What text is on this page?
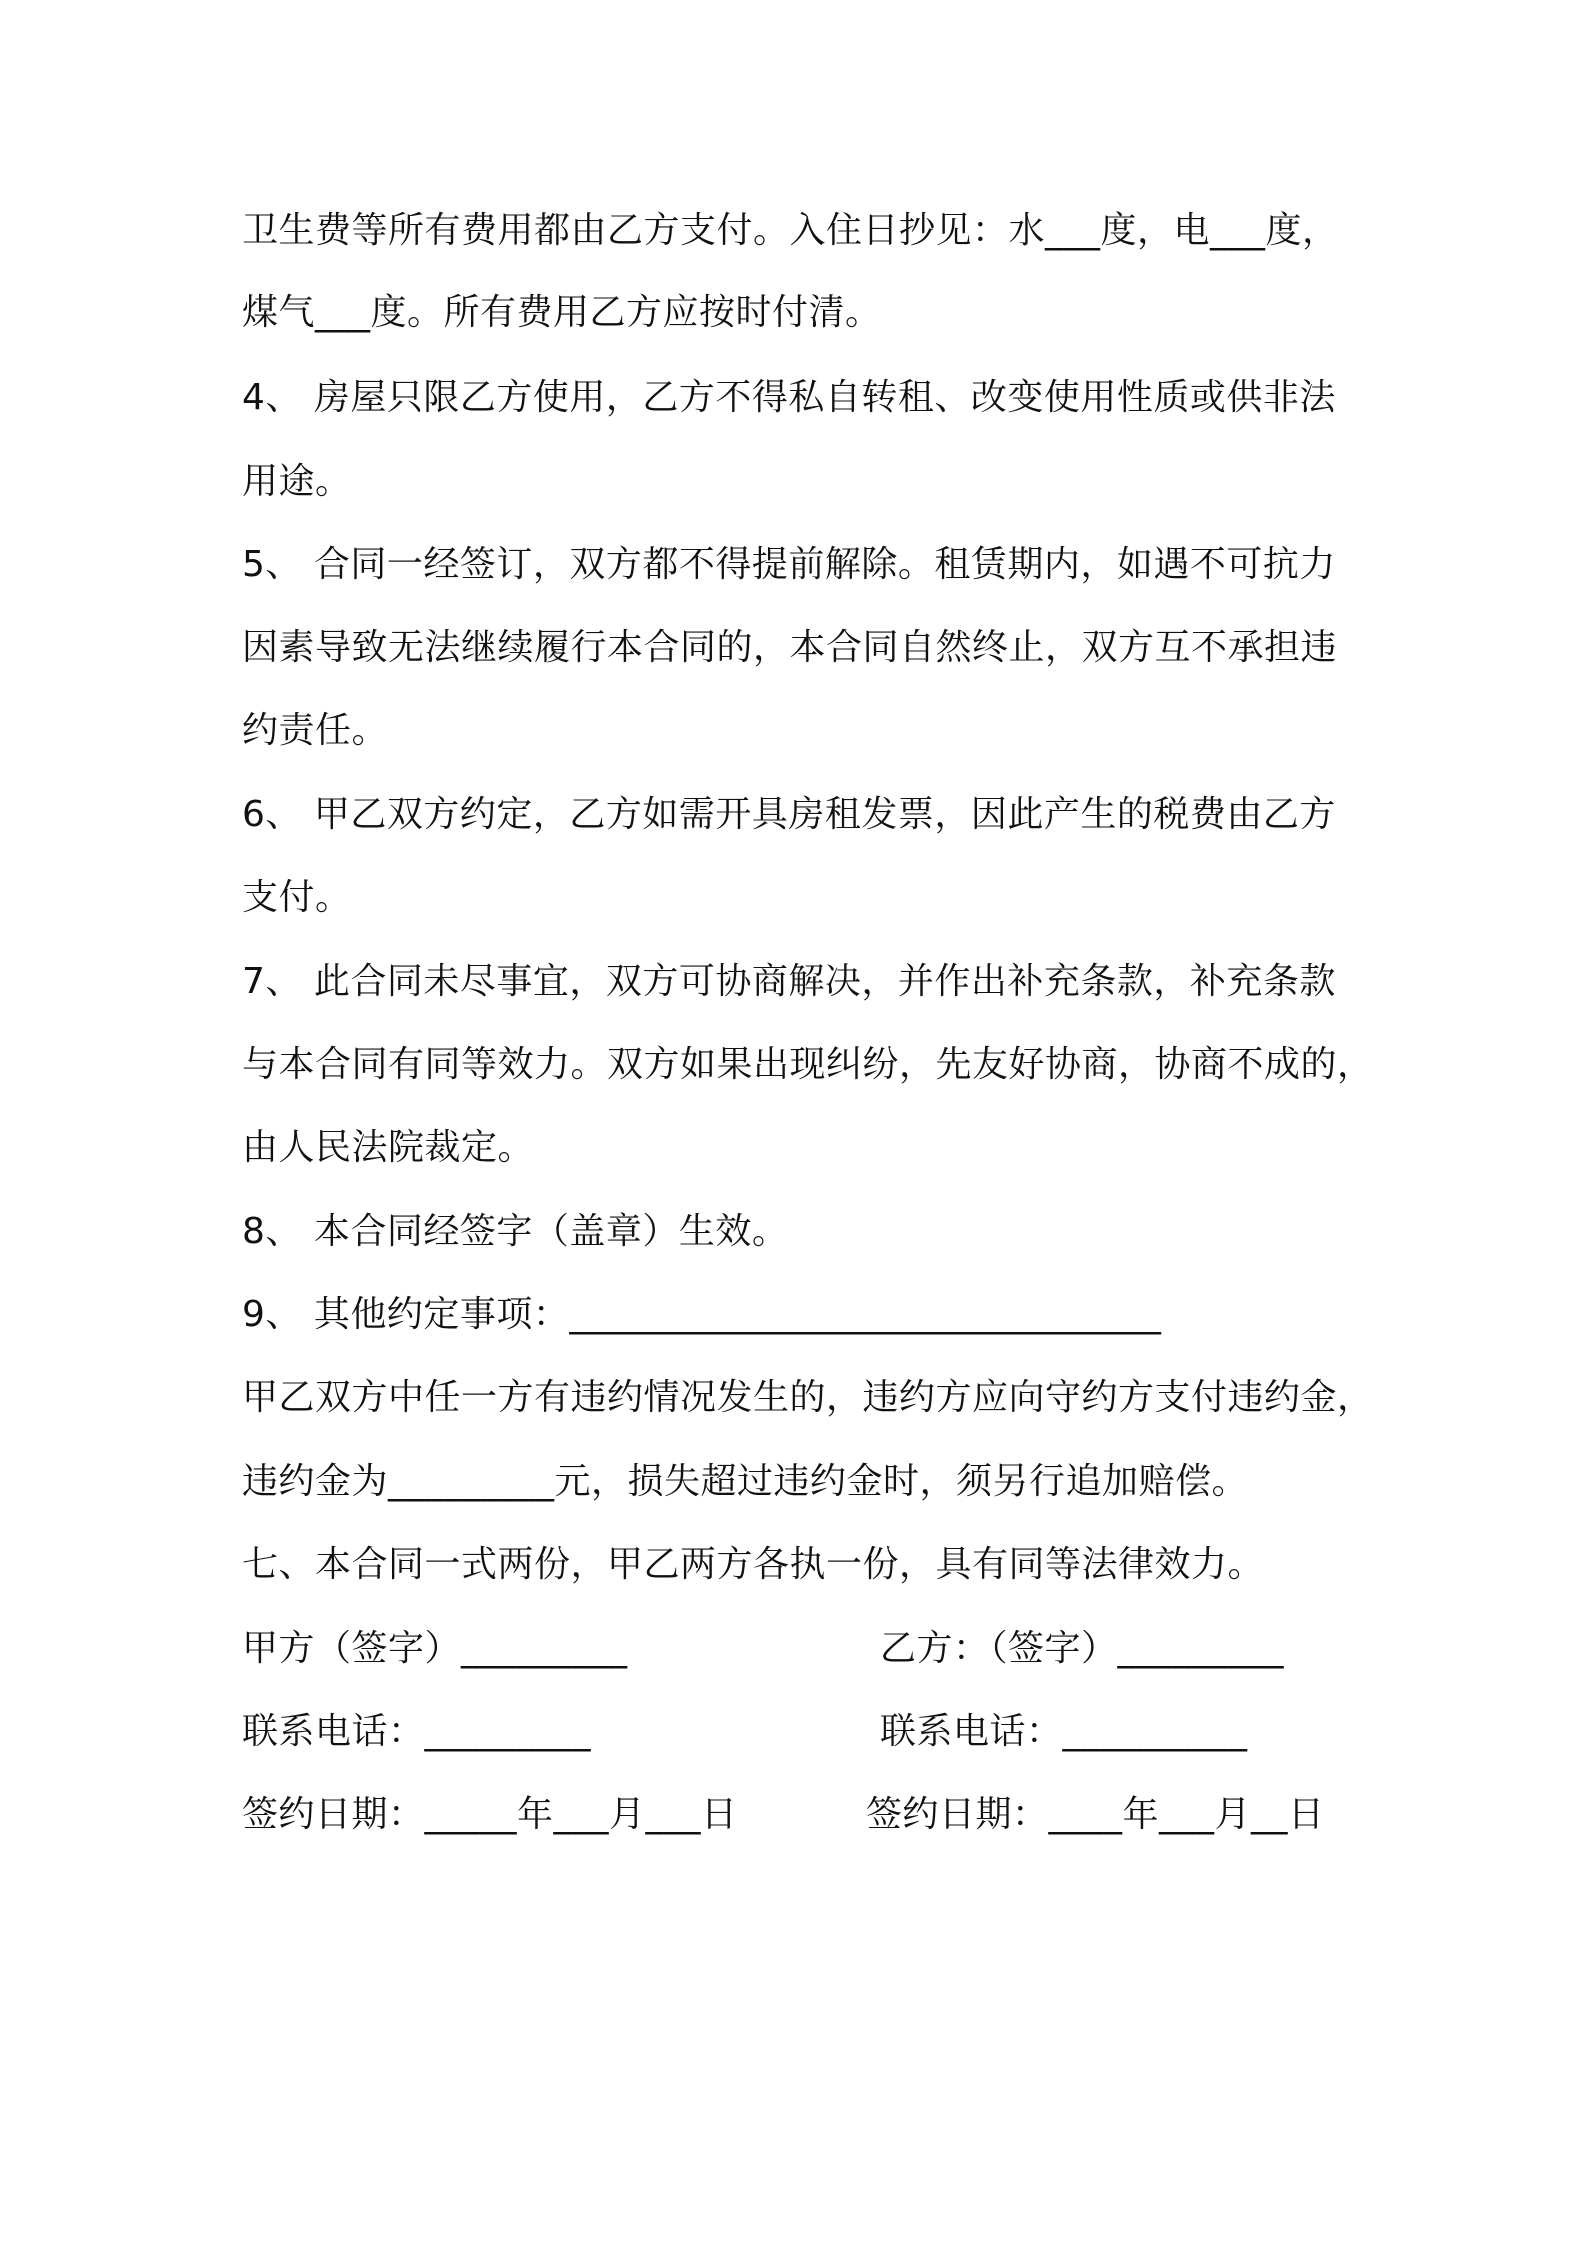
卫生费等所有费用都由乙方支付。入住日抄见：水___度，电___度，
煤气___度。所有费用乙方应按时付清。
4、 房屋只限乙方使用，乙方不得私自转租、改变使用性质或供非法
用途。
5、 合同一经签订，双方都不得提前解除。租赁期内，如遇不可抗力
因素导致无法继续履行本合同的，本合同自然终止，双方互不承担违
约责任。
6、 甲乙双方约定，乙方如需开具房租发票，因此产生的税费由乙方
支付。
7、 此合同未尽事宜，双方可协商解决，并作出补充条款，补充条款
与本合同有同等效力。双方如果出现纠纷，先友好协商，协商不成的，
由人民法院裁定。
8、 本合同经签字（盖章）生效。
9、 其他约定事项：________________________________
甲乙双方中任一方有违约情况发生的，违约方应向守约方支付违约金，
违约金为_________元，损失超过违约金时，须另行追加赔偿。
七、本合同一式两份，甲乙两方各执一份，具有同等法律效力。
甲方（签字）_________	乙方：（签字）_________
联系电话：_________	联系电话：__________
签约日期：_____年___月___日	签约日期：____年___月__日
